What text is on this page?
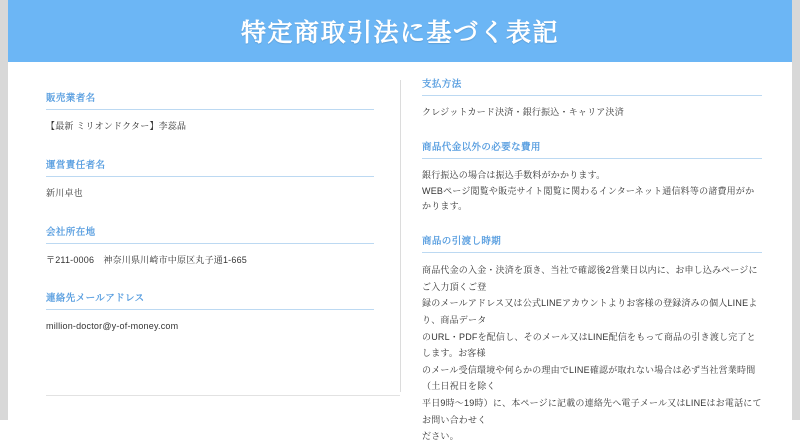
特定商取引法に基づく表記
販売業者名
【最新 ミリオンドクター】李蕊晶
運営責任者名
新川卓也
会社所在地
〒211-0006　神奈川県川崎市中原区丸子通1-665
連絡先メールアドレス
million-doctor@y-of-money.com
支払方法
クレジットカード決済・銀行振込・キャリア決済
商品代金以外の必要な費用
銀行振込の場合は振込手数料がかかります。
WEBページ閲覧や販売サイト閲覧に関わるインターネット通信料等の諸費用がかかります。
商品の引渡し時期
商品代金の入金・決済を頂き、当社で確認後2営業日以内に、お申し込みページにご入力頂くご登
録のメールアドレス又は公式LINEアカウントよりお客様の登録済みの個人LINEより、商品データ
のURL・PDFを配信し、そのメール又はLINE配信をもって商品の引き渡し完了とします。お客様
のメール受信環境や何らかの理由でLINE確認が取れない場合は必ず当社営業時間（土日祝日を除く
平日9時〜19時）に、本ページに記載の連絡先へ電子メール又はLINEはお電話にてお問い合わせく
ださい。
